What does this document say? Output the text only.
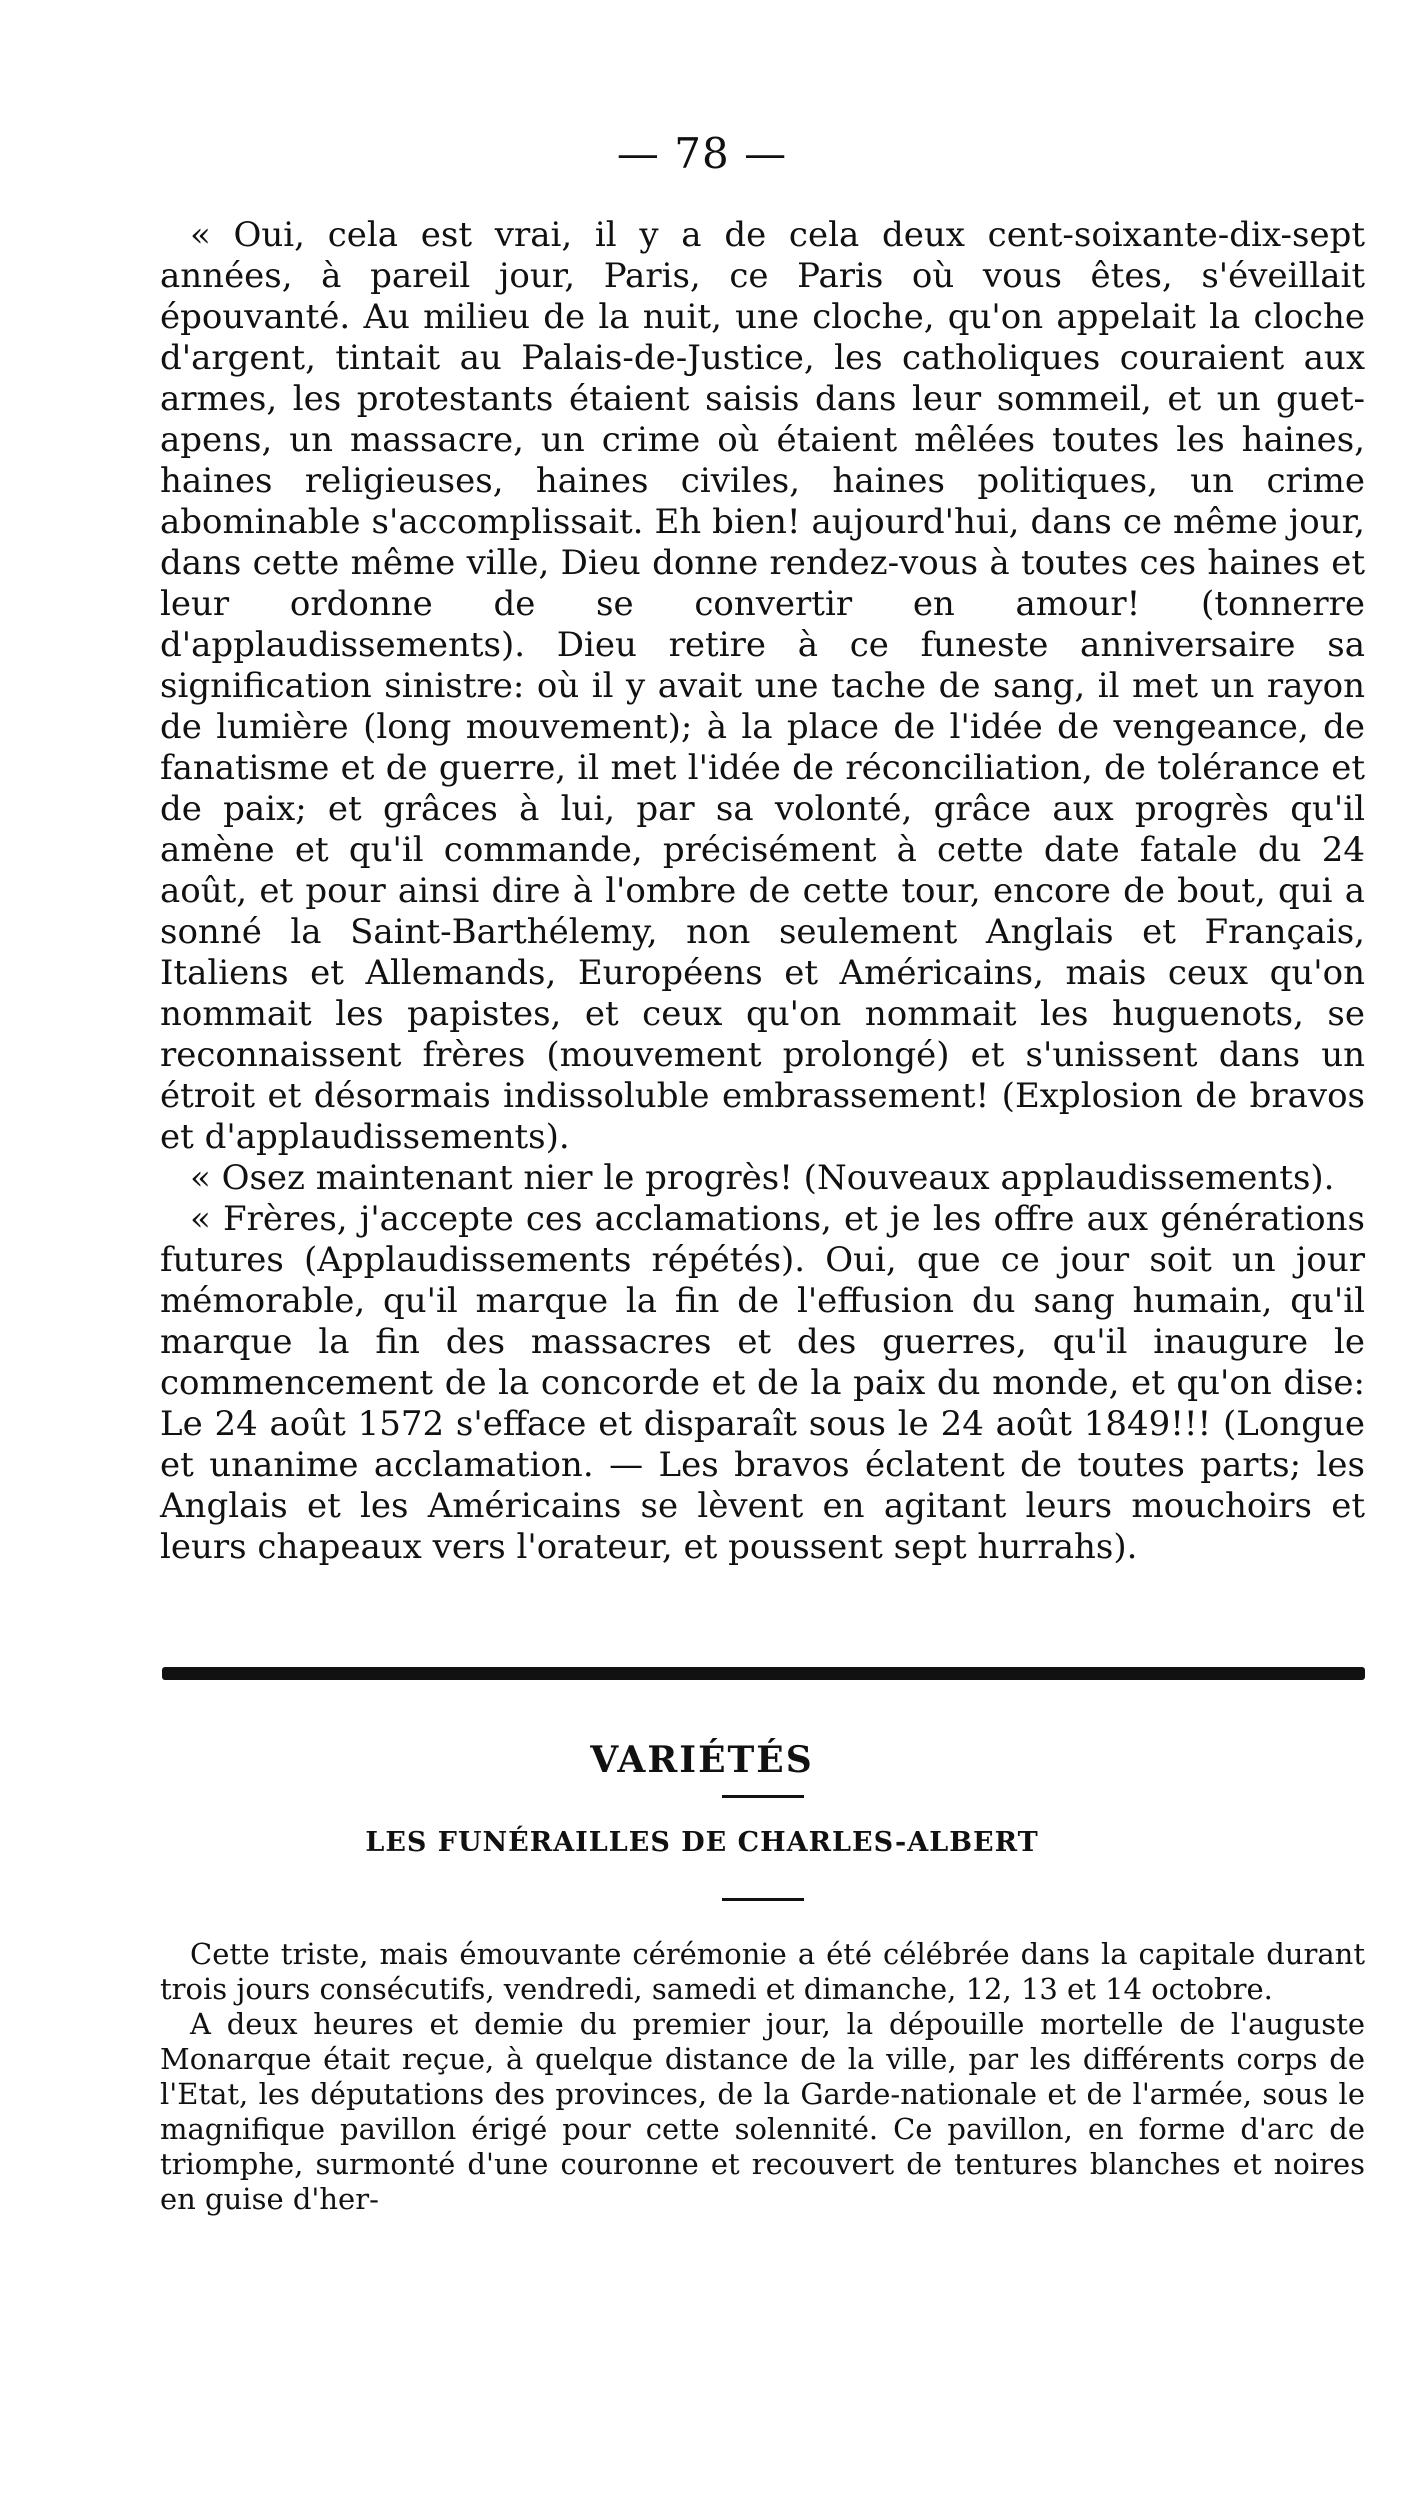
— 78 —

« Oui, cela est vrai, il y a de cela deux cent-soixante-dix-sept années, à pareil jour, Paris, ce Paris où vous êtes, s'éveillait épouvanté. Au milieu de la nuit, une cloche, qu'on appelait la cloche d'argent, tintait au Palais-de-Justice, les catholiques couraient aux armes, les protestants étaient saisis dans leur sommeil, et un guet-apens, un massacre, un crime où étaient mêlées toutes les haines, haines religieuses, haines civiles, haines politiques, un crime abominable s'accomplissait. Eh bien! aujourd'hui, dans ce même jour, dans cette même ville, Dieu donne rendez-vous à toutes ces haines et leur ordonne de se convertir en amour! (tonnerre d'applaudissements). Dieu retire à ce funeste anniversaire sa signification sinistre: où il y avait une tache de sang, il met un rayon de lumière (long mouvement); à la place de l'idée de vengeance, de fanatisme et de guerre, il met l'idée de réconciliation, de tolérance et de paix; et grâces à lui, par sa volonté, grâce aux progrès qu'il amène et qu'il commande, précisément à cette date fatale du 24 août, et pour ainsi dire à l'ombre de cette tour, encore de bout, qui a sonné la Saint-Barthélemy, non seulement Anglais et Français, Italiens et Allemands, Européens et Américains, mais ceux qu'on nommait les papistes, et ceux qu'on nommait les huguenots, se reconnaissent frères (mouvement prolongé) et s'unissent dans un étroit et désormais indissoluble embrassement! (Explosion de bravos et d'applaudissements).

« Osez maintenant nier le progrès! (Nouveaux applaudissements).

« Frères, j'accepte ces acclamations, et je les offre aux générations futures (Applaudissements répétés). Oui, que ce jour soit un jour mémorable, qu'il marque la fin de l'effusion du sang humain, qu'il marque la fin des massacres et des guerres, qu'il inaugure le commencement de la concorde et de la paix du monde, et qu'on dise: Le 24 août 1572 s'efface et disparaît sous le 24 août 1849!!! (Longue et unanime acclamation. — Les bravos éclatent de toutes parts; les Anglais et les Américains se lèvent en agitant leurs mouchoirs et leurs chapeaux vers l'orateur, et poussent sept hurrahs).

VARIÉTÉS
LES FUNÉRAILLES DE CHARLES-ALBERT

Cette triste, mais émouvante cérémonie a été célébrée dans la capitale durant trois jours consécutifs, vendredi, samedi et dimanche, 12, 13 et 14 octobre.

A deux heures et demie du premier jour, la dépouille mortelle de l'auguste Monarque était reçue, à quelque distance de la ville, par les différents corps de l'Etat, les députations des provinces, de la Garde-nationale et de l'armée, sous le magnifique pavillon érigé pour cette solennité. Ce pavillon, en forme d'arc de triomphe, surmonté d'une couronne et recouvert de tentures blanches et noires en guise d'her-
